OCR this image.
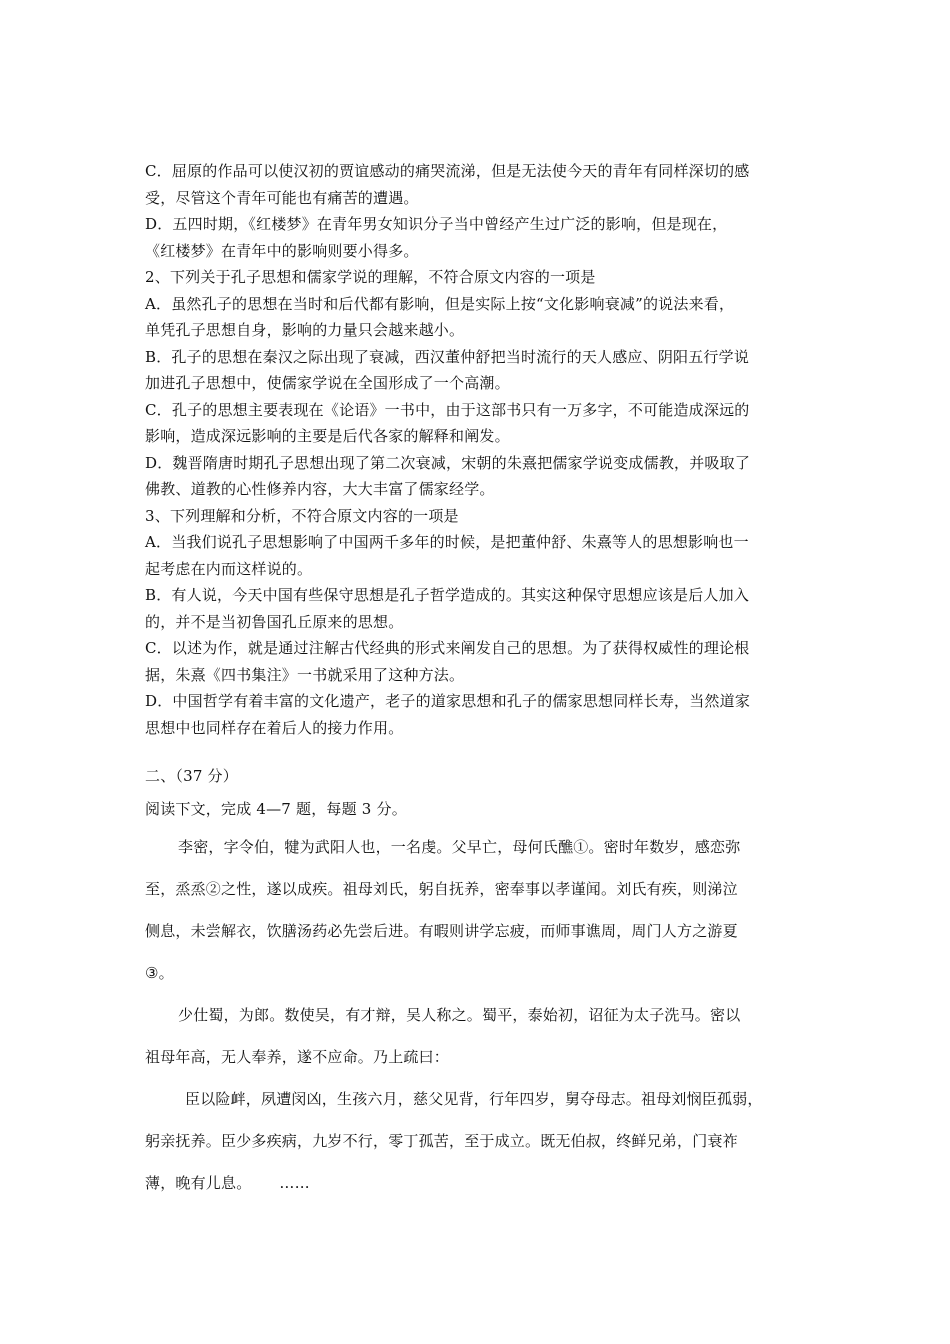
C．屈原的作品可以使汉初的贾谊感动的痛哭流涕，但是无法使今天的青年有同样深切的感
受，尽管这个青年可能也有痛苦的遭遇。
D．五四时期，《红楼梦》在青年男女知识分子当中曾经产生过广泛的影响，但是现在，
《红楼梦》在青年中的影响则要小得多。
2、下列关于孔子思想和儒家学说的理解，不符合原文内容的一项是
A．虽然孔子的思想在当时和后代都有影响，但是实际上按“文化影响衰减”的说法来看，
单凭孔子思想自身，影响的力量只会越来越小。
B．孔子的思想在秦汉之际出现了衰减，西汉董仲舒把当时流行的天人感应、阴阳五行学说
加进孔子思想中，使儒家学说在全国形成了一个高潮。
C．孔子的思想主要表现在《论语》一书中，由于这部书只有一万多字，不可能造成深远的
影响，造成深远影响的主要是后代各家的解释和阐发。
D．魏晋隋唐时期孔子思想出现了第二次衰减，宋朝的朱熹把儒家学说变成儒教，并吸取了
佛教、道教的心性修养内容，大大丰富了儒家经学。
3、下列理解和分析，不符合原文内容的一项是
A．当我们说孔子思想影响了中国两千多年的时候，是把董仲舒、朱熹等人的思想影响也一
起考虑在内而这样说的。
B．有人说，今天中国有些保守思想是孔子哲学造成的。其实这种保守思想应该是后人加入
的，并不是当初鲁国孔丘原来的思想。
C．以述为作，就是通过注解古代经典的形式来阐发自己的思想。为了获得权威性的理论根
据，朱熹《四书集注》一书就采用了这种方法。
D．中国哲学有着丰富的文化遗产，老子的道家思想和孔子的儒家思想同样长寿，当然道家
思想中也同样存在着后人的接力作用。
二、（37 分）
阅读下文，完成 4—7 题，每题 3 分。
李密，字令伯，犍为武阳人也，一名虔。父早亡，母何氏醮①。密时年数岁，感恋弥
至，烝烝②之性，遂以成疾。祖母刘氏，躬自抚养，密奉事以孝谨闻。刘氏有疾，则涕泣
侧息，未尝解衣，饮膳汤药必先尝后进。有暇则讲学忘疲，而师事谯周，周门人方之游夏
③。
少仕蜀，为郎。数使吴，有才辩，吴人称之。蜀平，泰始初，诏征为太子洗马。密以
祖母年高，无人奉养，遂不应命。乃上疏曰：
臣以险衅，夙遭闵凶，生孩六月，慈父见背，行年四岁，舅夺母志。祖母刘悯臣孤弱，
躬亲抚养。臣少多疾病，九岁不行，零丁孤苦，至于成立。既无伯叔，终鲜兄弟，门衰祚
薄，晚有儿息。 ……
